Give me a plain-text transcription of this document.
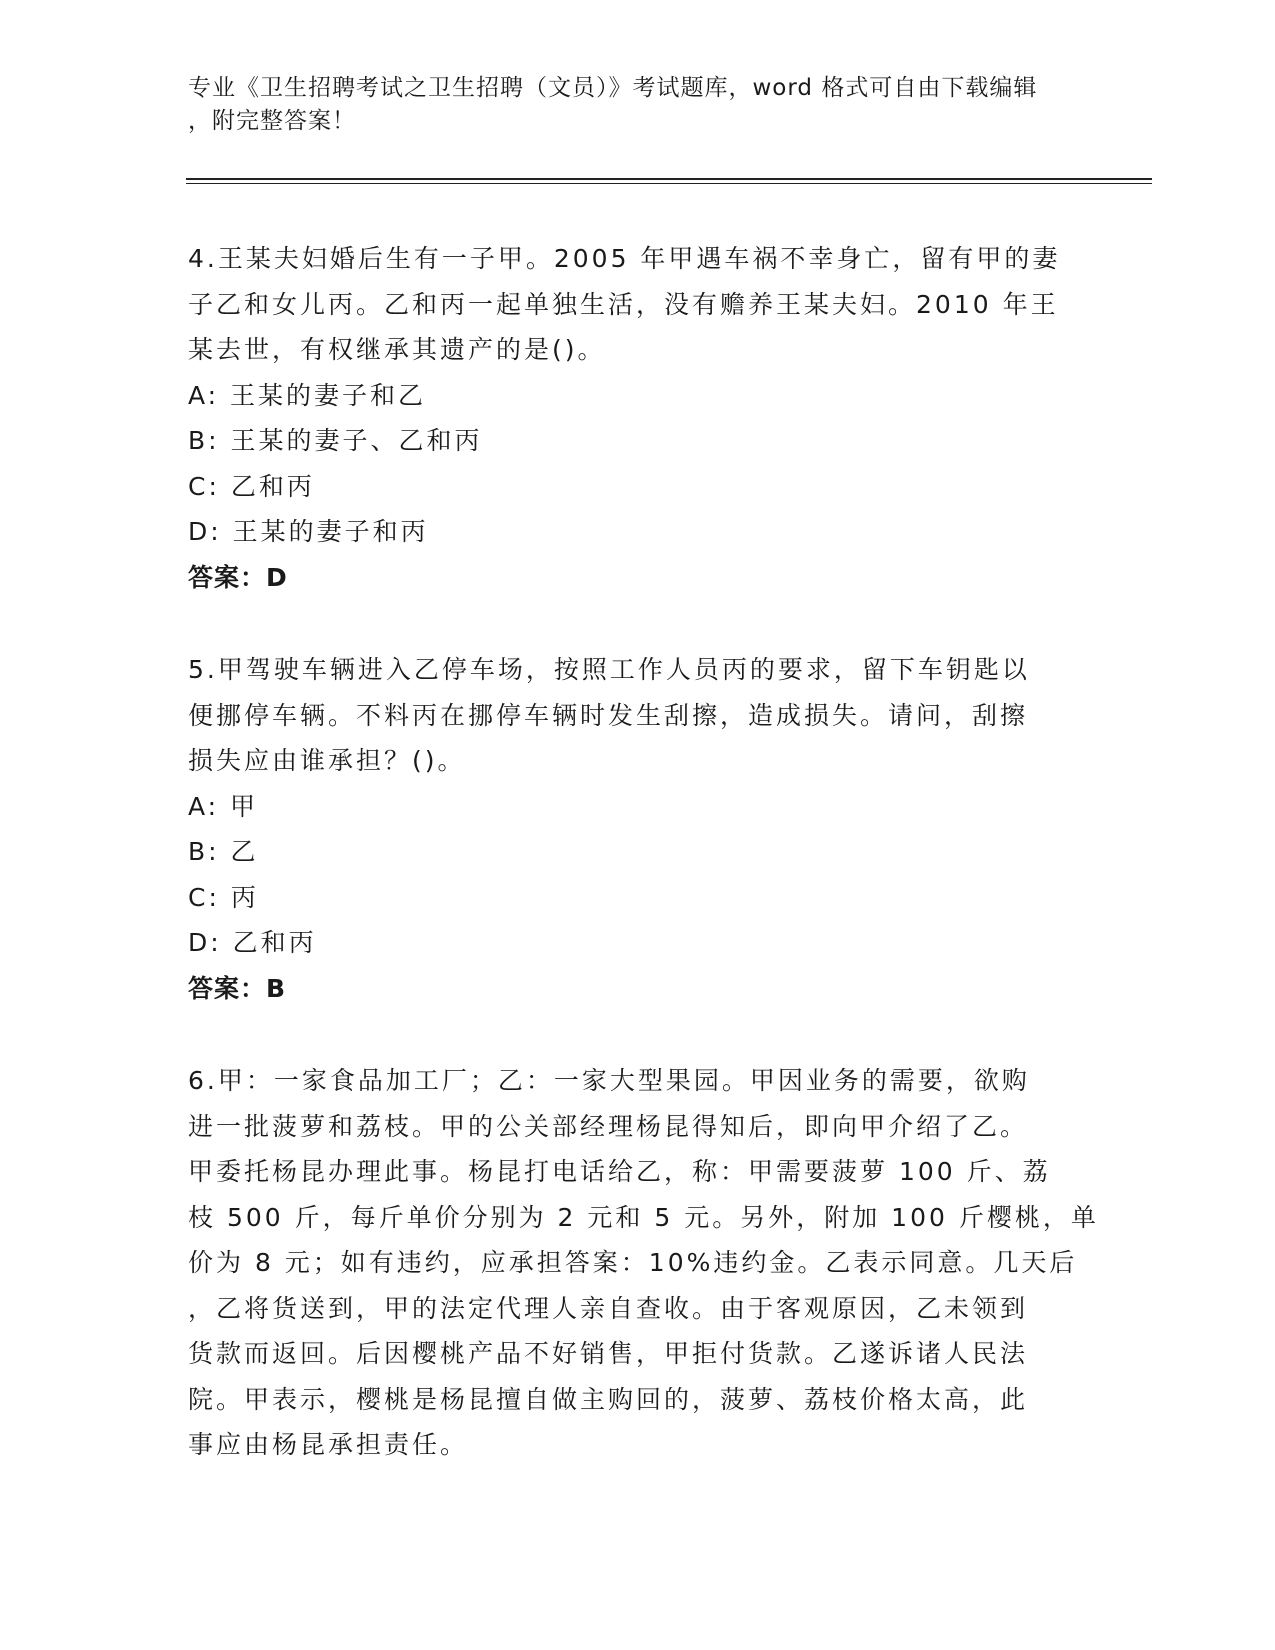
专业《卫生招聘考试之卫生招聘（文员）》考试题库，word 格式可自由下载编辑
，附完整答案！
4.王某夫妇婚后生有一子甲。2005 年甲遇车祸不幸身亡，留有甲的妻
子乙和女儿丙。乙和丙一起单独生活，没有赡养王某夫妇。2010 年王
某去世，有权继承其遗产的是()。
A: 王某的妻子和乙
B: 王某的妻子、乙和丙
C: 乙和丙
D: 王某的妻子和丙
答案：D
5.甲驾驶车辆进入乙停车场，按照工作人员丙的要求，留下车钥匙以
便挪停车辆。不料丙在挪停车辆时发生刮擦，造成损失。请问，刮擦
损失应由谁承担？()。
A: 甲
B: 乙
C: 丙
D: 乙和丙
答案：B
6.甲：一家食品加工厂；乙：一家大型果园。甲因业务的需要，欲购
进一批菠萝和荔枝。甲的公关部经理杨昆得知后，即向甲介绍了乙。
甲委托杨昆办理此事。杨昆打电话给乙，称：甲需要菠萝 100 斤、荔
枝 500 斤，每斤单价分别为 2 元和 5 元。另外，附加 100 斤樱桃，单
价为 8 元；如有违约，应承担答案：10%违约金。乙表示同意。几天后
，乙将货送到，甲的法定代理人亲自查收。由于客观原因，乙未领到
货款而返回。后因樱桃产品不好销售，甲拒付货款。乙遂诉诸人民法
院。甲表示，樱桃是杨昆擅自做主购回的，菠萝、荔枝价格太高，此
事应由杨昆承担责任。
